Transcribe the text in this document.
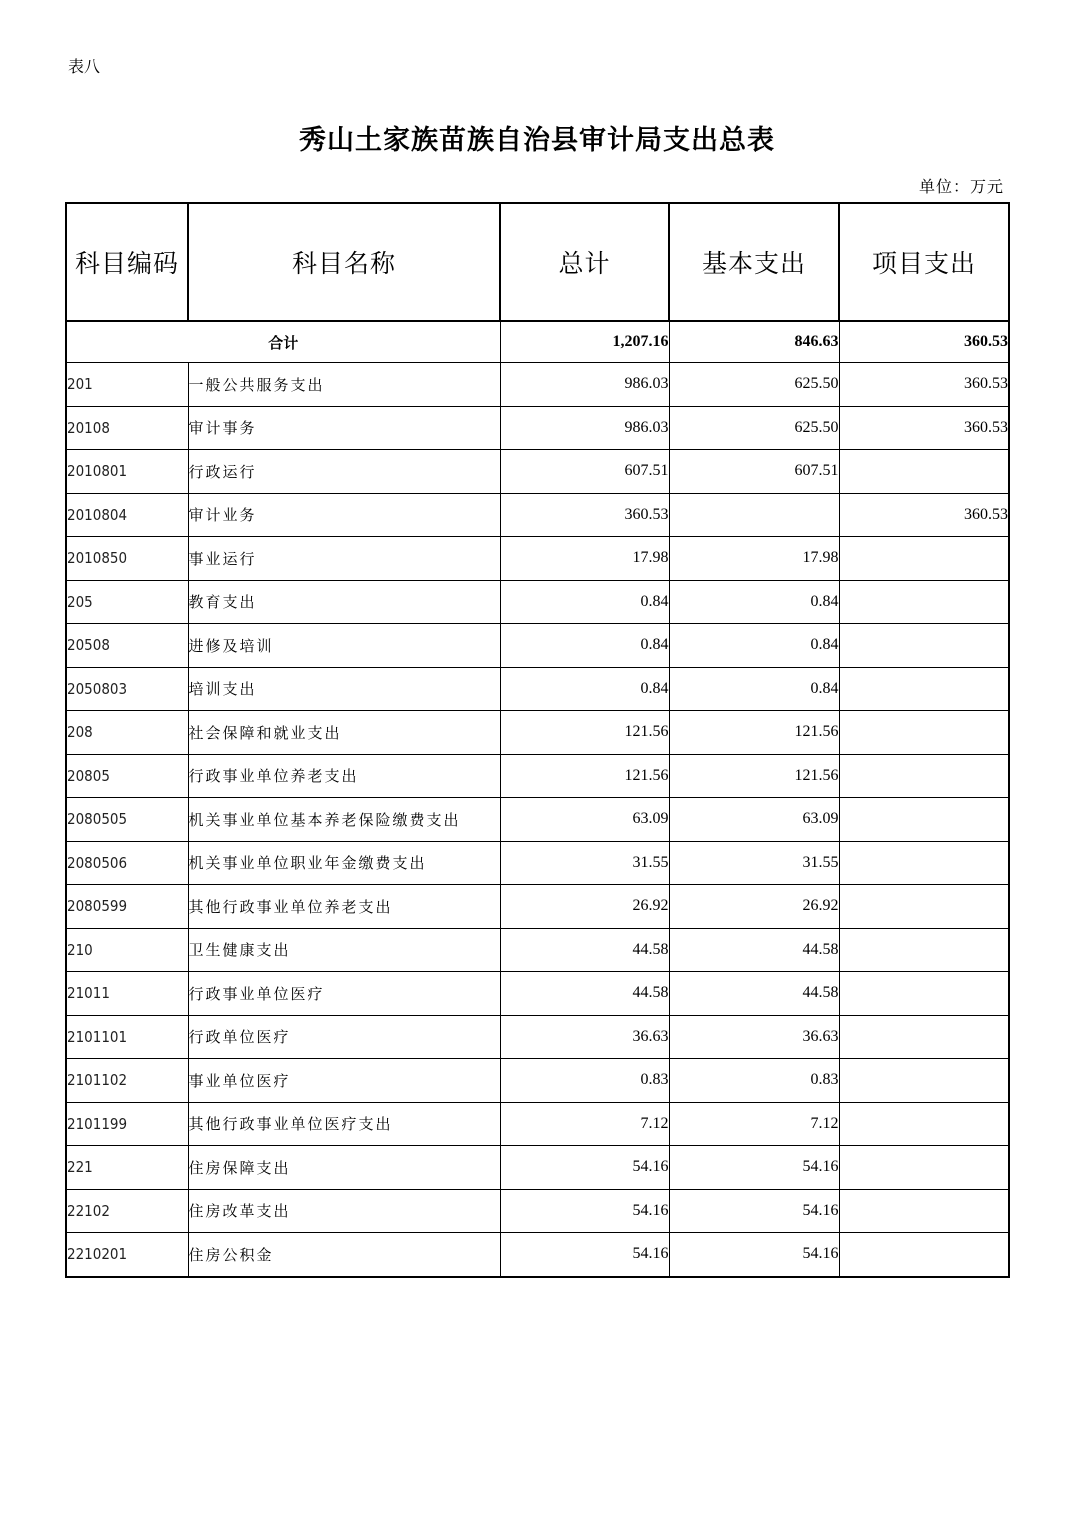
表八
秀山土家族苗族自治县审计局支出总表
单位：万元
科目编码	科目名称	总计	基本支出	项目支出
合计		1,207.16	846.63	360.53
201	一般公共服务支出	986.03	625.50	360.53
20108	审计事务	986.03	625.50	360.53
2010801	行政运行	607.51	607.51	
2010804	审计业务	360.53		360.53
2010850	事业运行	17.98	17.98	
205	教育支出	0.84	0.84	
20508	进修及培训	0.84	0.84	
2050803	培训支出	0.84	0.84	
208	社会保障和就业支出	121.56	121.56	
20805	行政事业单位养老支出	121.56	121.56	
2080505	机关事业单位基本养老保险缴费支出	63.09	63.09	
2080506	机关事业单位职业年金缴费支出	31.55	31.55	
2080599	其他行政事业单位养老支出	26.92	26.92	
210	卫生健康支出	44.58	44.58	
21011	行政事业单位医疗	44.58	44.58	
2101101	行政单位医疗	36.63	36.63	
2101102	事业单位医疗	0.83	0.83	
2101199	其他行政事业单位医疗支出	7.12	7.12	
221	住房保障支出	54.16	54.16	
22102	住房改革支出	54.16	54.16	
2210201	住房公积金	54.16	54.16	
